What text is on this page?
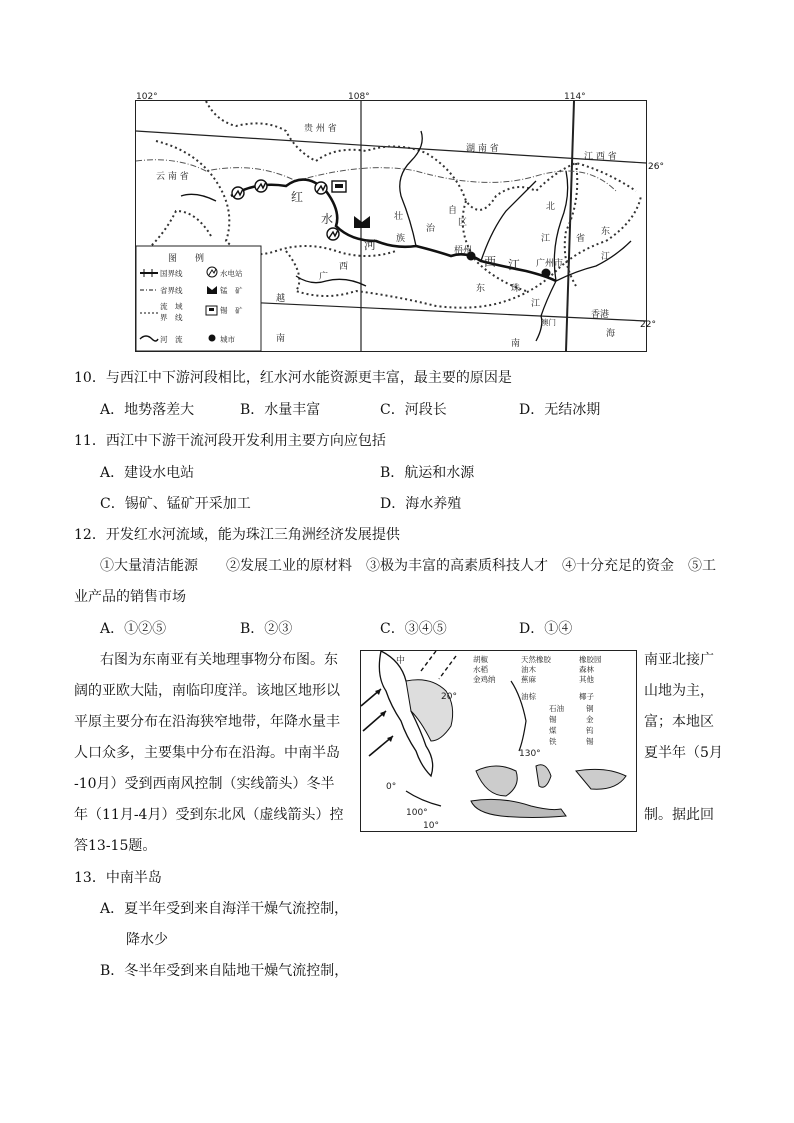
102°	108°	114°
贵 州 省
云 南 省
湖 南 省
江 西 省
自
治
区
广
西
壮
族
梧州
广州市
省
越
南	南
海
香港
澳门
东
江
北
江
西 江
东	珠
江
红
水
河
图　　例
国界线	水电站
省界线	锰　矿
流　域
界　线
锡　矿
河　流	城市
26°
22°
10．与西江中下游河段相比，红水河水能资源更丰富，最主要的原因是
A．地势落差大	B．水量丰富	C．河段长	D．无结冰期
11．西江中下游干流河段开发利用主要方向应包括
A．建设水电站	B．航运和水源
C．锡矿、锰矿开采加工	D．海水养殖
12．开发红水河流域，能为珠江三角洲经济发展提供
①大量清洁能源　　②发展工业的原材料　③极为丰富的高素质科技人才　④十分充足的资金　⑤工
业产品的销售市场
A．①②⑤	B．②③	C．③④⑤	D．①④
右图为东南亚有关地理事物分布图。东	南亚北接广
阔的亚欧大陆，南临印度洋。该地区地形以	山地为主，
平原主要分布在沿海狭窄地带，年降水量丰	富；本地区
人口众多，主要集中分布在沿海。中南半岛	夏半年（5月
-10月）受到西南风控制（实线箭头）冬半
年（11月-4月）受到东北风（虚线箭头）控	制。据此回
答13-15题。
胡椒	天然橡胶	橡胶园
水稻	油木	森林
金鸡纳	蕉麻	其他
油棕	椰子
石油	铜
锡	金
煤	钨
铁	锡
20°
130°
0°
100°
10°
中
13．中南半岛
A．夏半年受到来自海洋干燥气流控制，
降水少
B．冬半年受到来自陆地干燥气流控制，
